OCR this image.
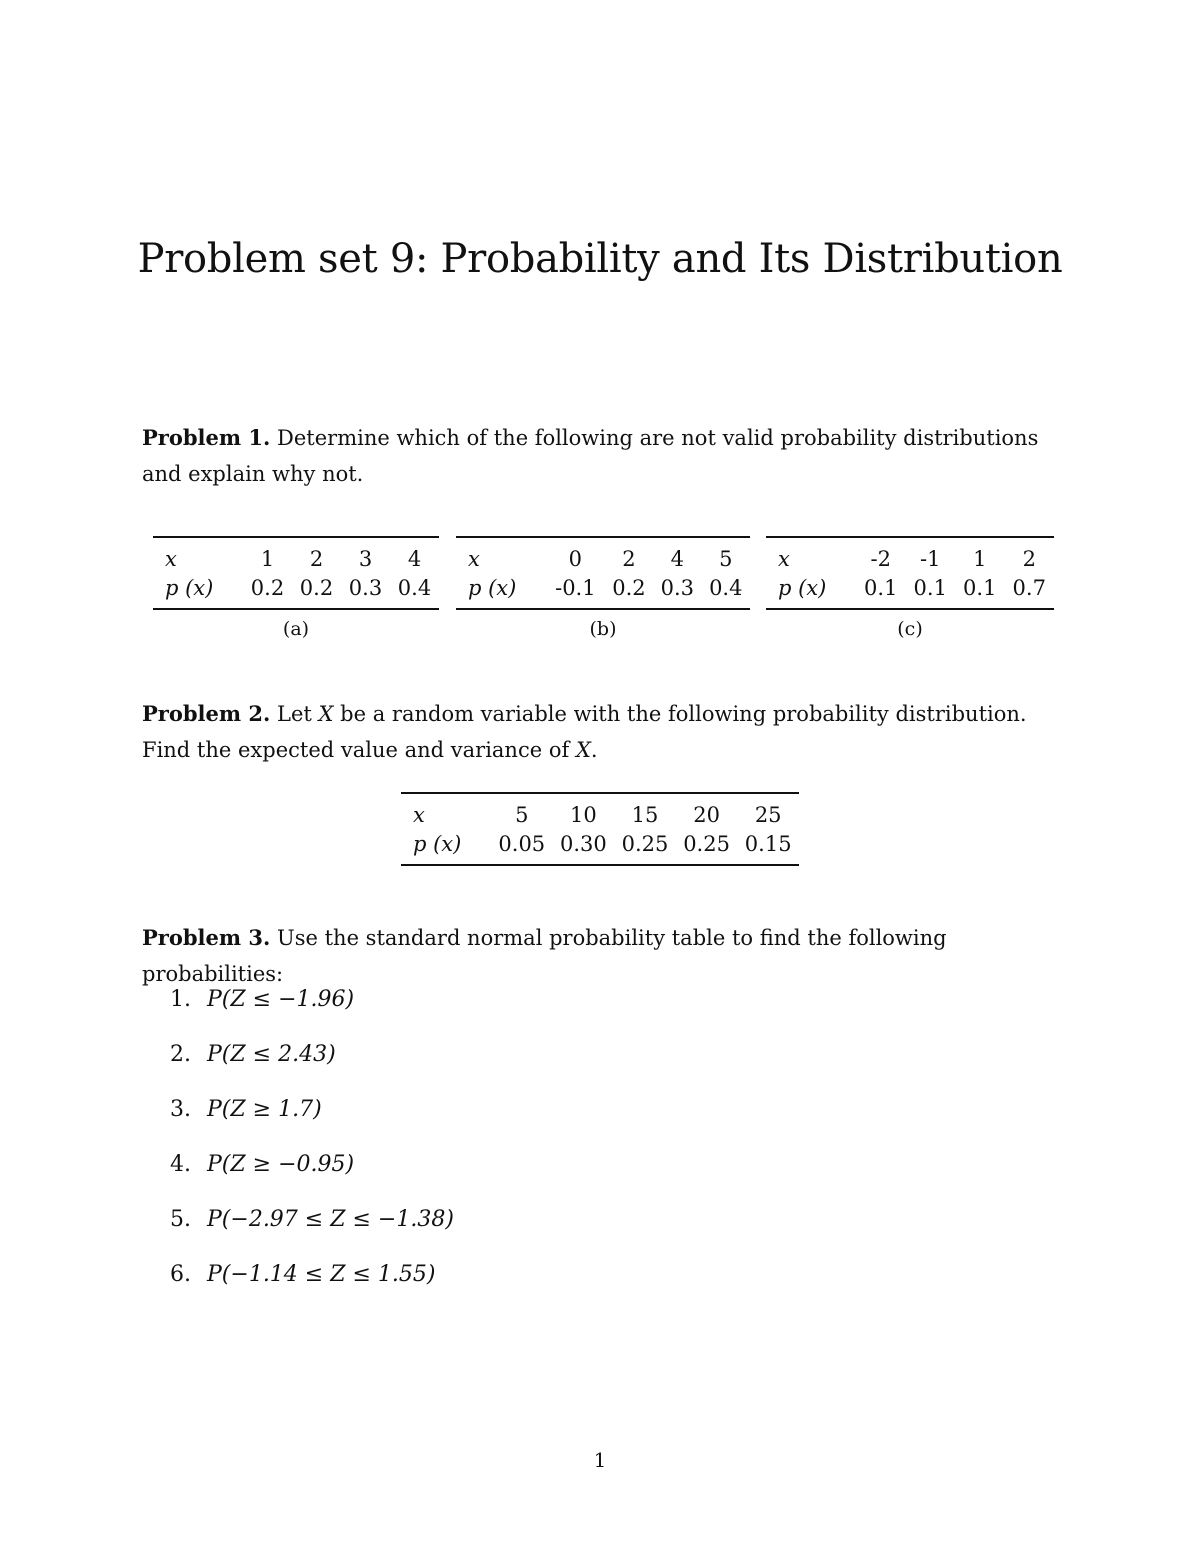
Problem set 9: Probability and Its Distribution

Problem 1. Determine which of the following are not valid probability distributions and explain why not.

x	1	2	3	4
p (x)	0.2	0.2	0.3	0.4
(a)
x	0	2	4	5
p (x)	-0.1	0.2	0.3	0.4
(b)
x	-2	-1	1	2
p (x)	0.1	0.1	0.1	0.7
(c)

Problem 2. Let X be a random variable with the following probability distribution. Find the expected value and variance of X.

x	5	10	15	20	25
p (x)	0.05	0.30	0.25	0.25	0.15

Problem 3. Use the standard normal probability table to find the following probabilities:

1. P(Z ≤ −1.96)
2. P(Z ≤ 2.43)
3. P(Z ≥ 1.7)
4. P(Z ≥ −0.95)
5. P(−2.97 ≤ Z ≤ −1.38)
6. P(−1.14 ≤ Z ≤ 1.55)
1
